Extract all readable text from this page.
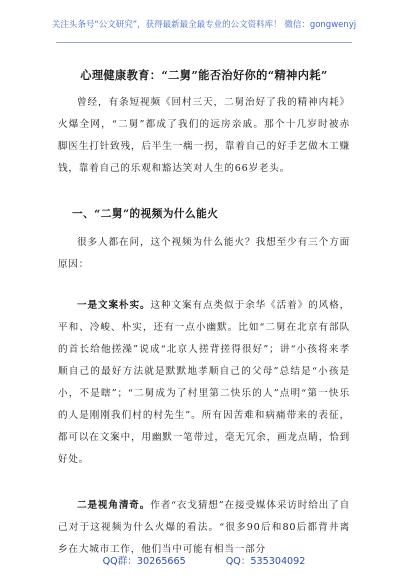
关注头条号“公文研究”，获得最新最全最专业的公文资料库！ 微信：gongwenyj
心理健康教育：“二舅”能否治好你的“精神内耗”

曾经，有条短视频《回村三天，二舅治好了我的精神内耗》火爆全网，“二舅”都成了我们的远房亲戚。那个十几岁时被赤脚医生打针致残，后半生一瘸一拐，靠着自己的好手艺做木工赚钱，靠着自己的乐观和豁达笑对人生的66岁老头。

一、“二舅”的视频为什么能火

很多人都在问，这个视频为什么能火？我想至少有三个方面原因：

一是文案朴实。这种文案有点类似于余华《活着》的风格，平和、冷峻、朴实，还有一点小幽默。比如“二舅在北京有部队的首长给他搓澡”说成“北京人搓背搓得很好”；讲“小孩将来孝顺自己的最好方法就是默默地孝顺自己的父母”总结是“小孩是小，不是瞎”；“二舅成为了村里第二快乐的人”点明“第一快乐的人是刚刚我们村的村先生”。所有因苦难和病痛带来的表征，都可以在文案中，用幽默一笔带过，毫无冗余，画龙点睛，恰到好处。

二是视角清奇。作者“衣戈猜想”在接受媒体采访时给出了自己对于这视频为什么火爆的看法。“很多90后和80后都背井离乡在大城市工作，他们当中可能有相当一部分

QQ群：30265665	QQ：535304092
